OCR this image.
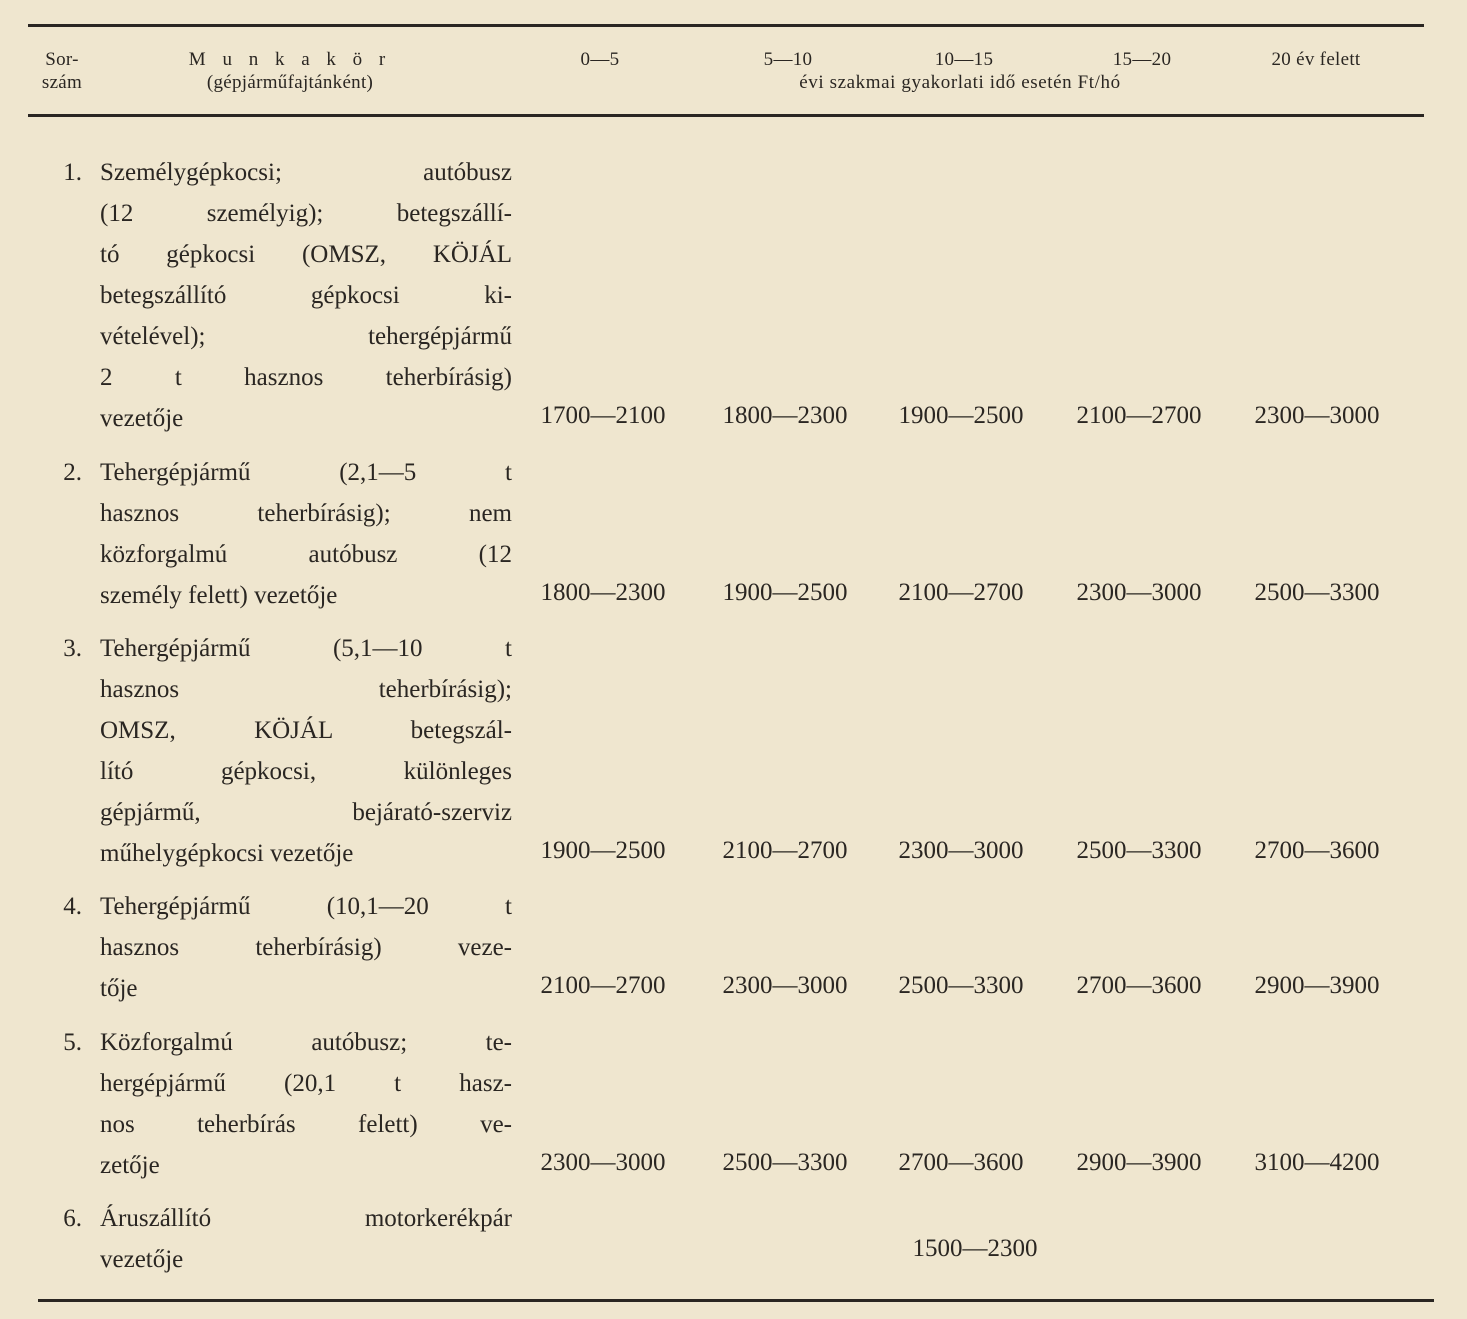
Sor-
szám
M u n k a k ö r
(gépjárműfajtánként)
0—5	5—10	10—15	15—20	20 év felett
évi szakmai gyakorlati idő esetén Ft/hó
1. Személygépkocsi; autóbusz
(12 személyig); betegszállí-
tó gépkocsi (OMSZ, KÖJÁL
betegszállító gépkocsi ki-
vételével); tehergépjármű
2 t hasznos teherbírásig)
vezetője	1700—2100	1800—2300	1900—2500	2100—2700	2300—3000
2. Tehergépjármű (2,1—5 t
hasznos teherbírásig); nem
közforgalmú autóbusz (12
személy felett) vezetője	1800—2300	1900—2500	2100—2700	2300—3000	2500—3300
3. Tehergépjármű (5,1—10 t
hasznos teherbírásig);
OMSZ, KÖJÁL betegszál-
lító gépkocsi, különleges
gépjármű, bejárató-szerviz
műhelygépkocsi vezetője	1900—2500	2100—2700	2300—3000	2500—3300	2700—3600
4. Tehergépjármű (10,1—20 t
hasznos teherbírásig) veze-
tője	2100—2700	2300—3000	2500—3300	2700—3600	2900—3900
5. Közforgalmú autóbusz; te-
hergépjármű (20,1 t hasz-
nos teherbírás felett) ve-
zetője	2300—3000	2500—3300	2700—3600	2900—3900	3100—4200
6. Áruszállító motorkerékpár
vezetője	1500—2300
